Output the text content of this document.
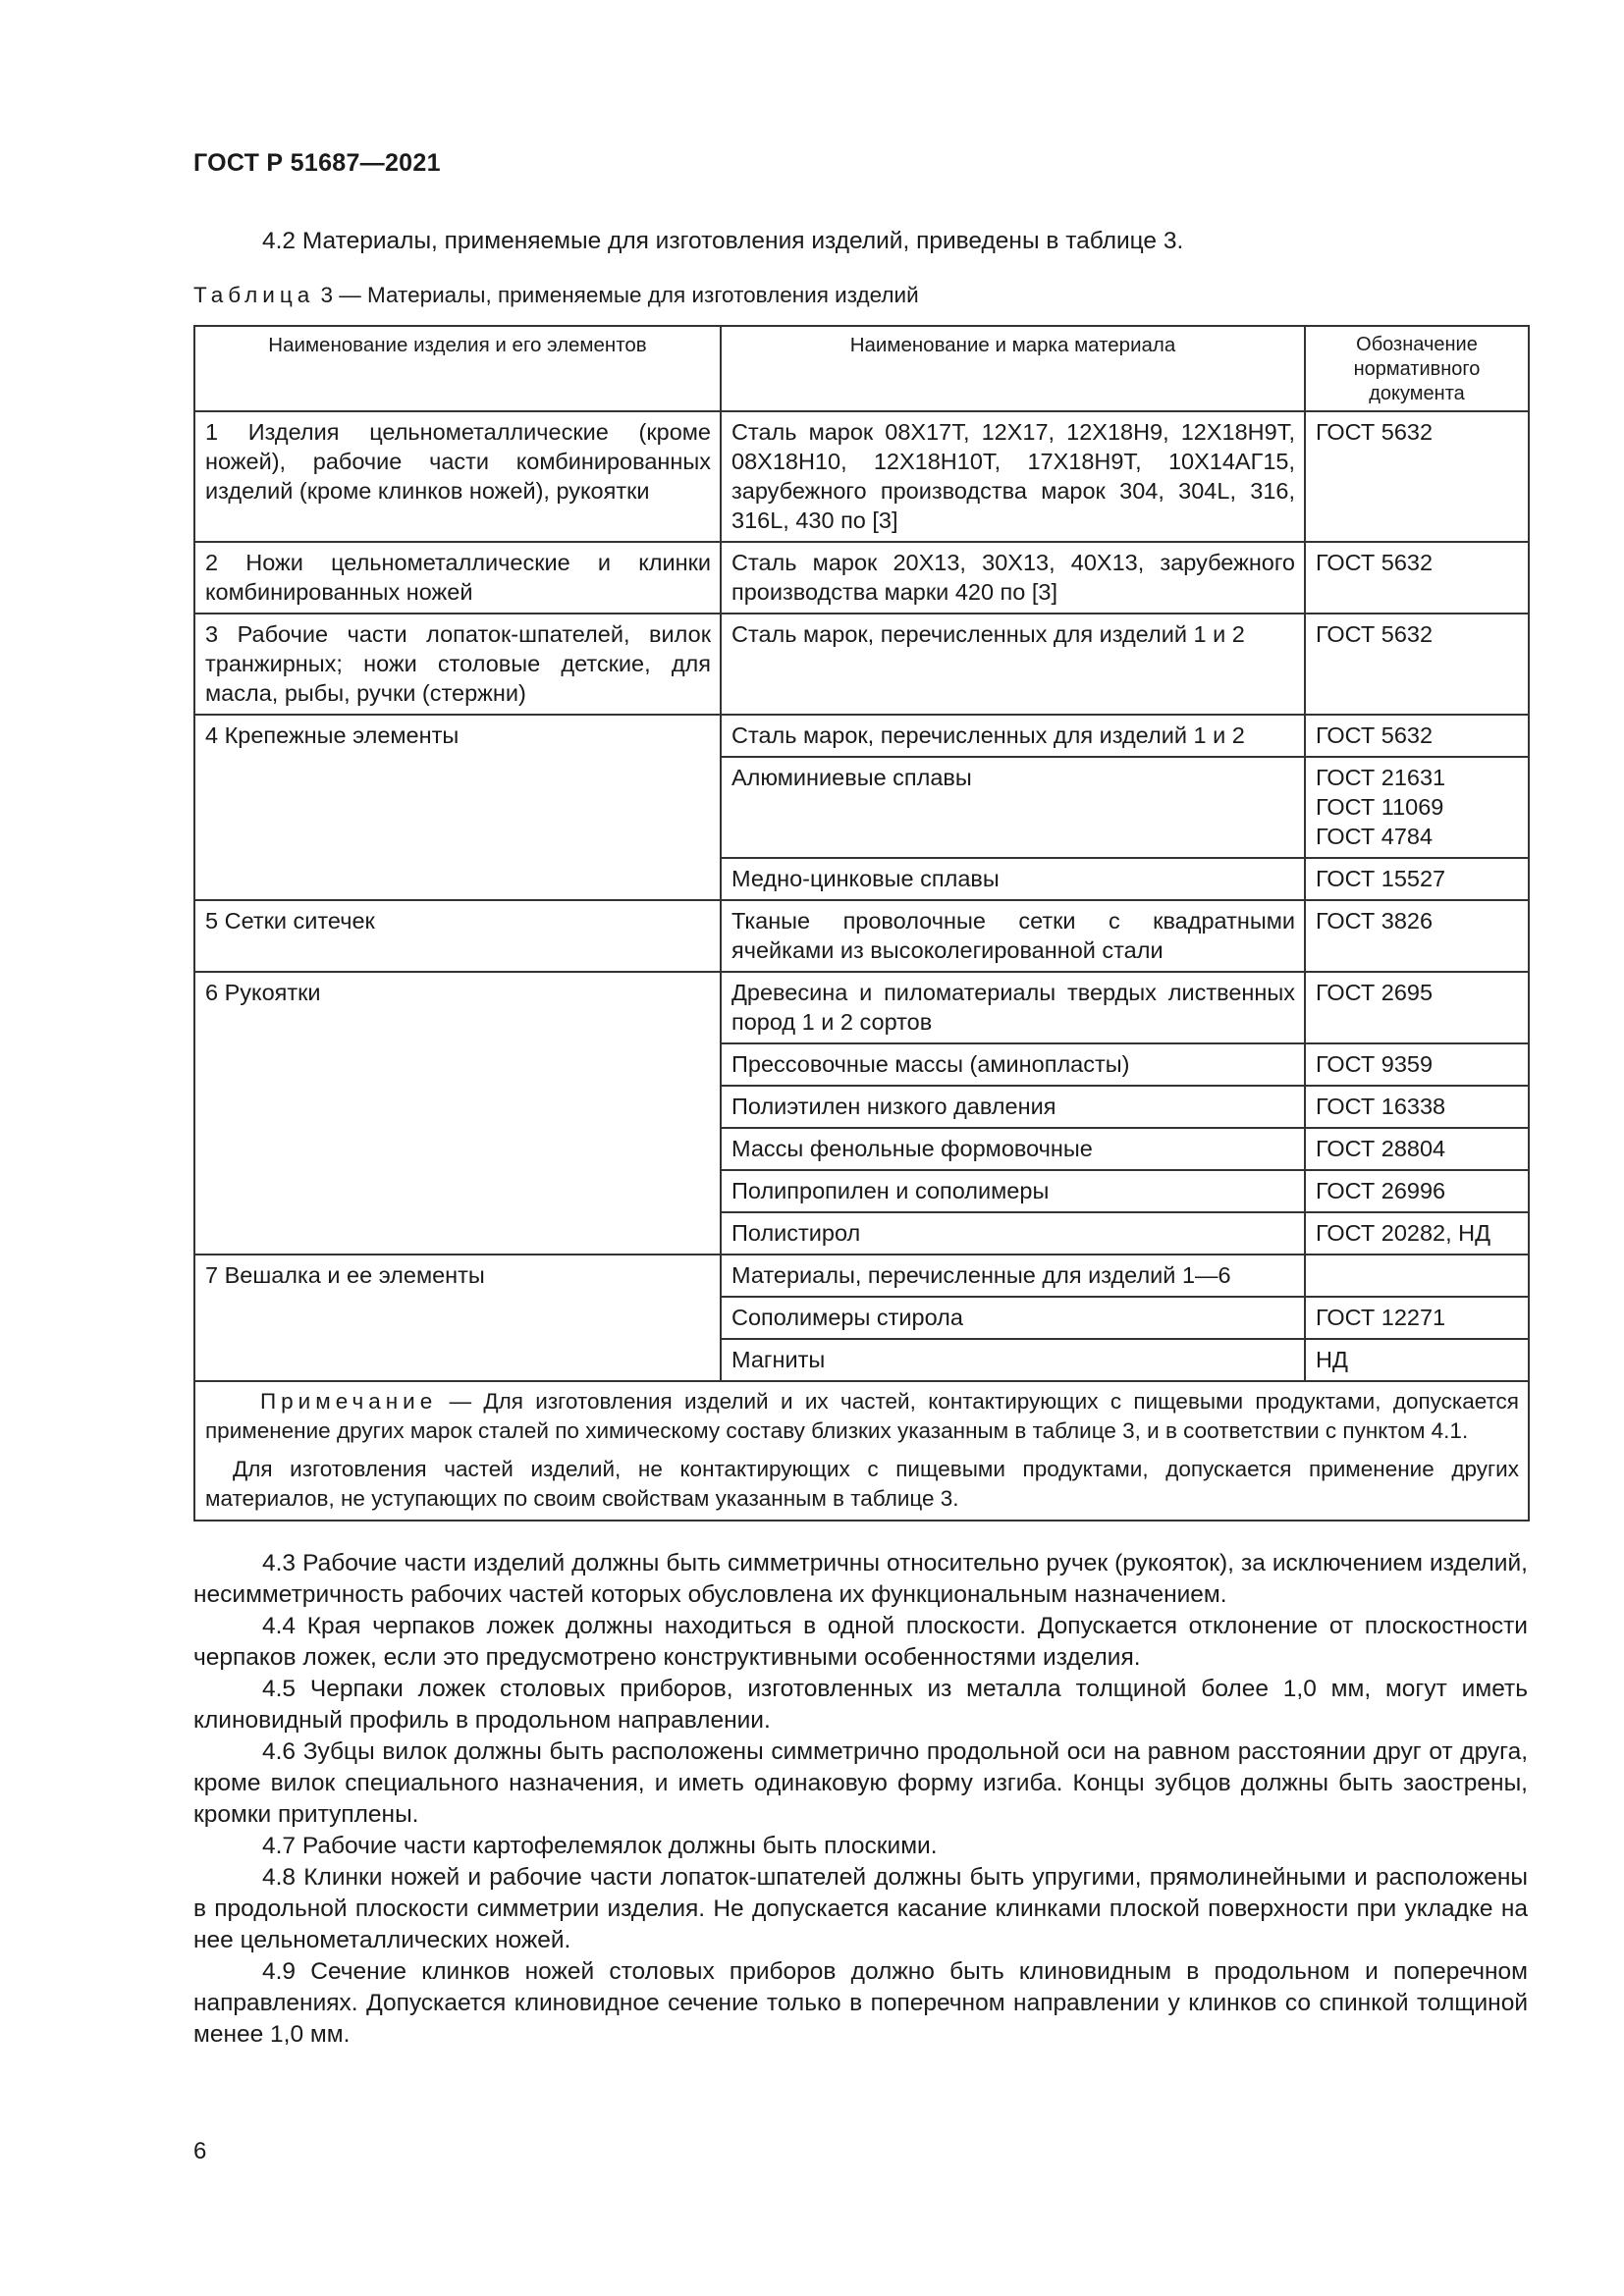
ГОСТ Р 51687—2021
4.2 Материалы, применяемые для изготовления изделий, приведены в таблице 3.
Таблица 3 — Материалы, применяемые для изготовления изделий
Наименование изделия и его элементов	Наименование и марка материала	Обозначение нормативного документа
1 Изделия цельнометаллические (кроме ножей), рабочие части комбинированных изделий (кроме клинков ножей), рукоятки	Сталь марок 08Х17Т, 12Х17, 12Х18Н9, 12Х18Н9Т, 08Х18Н10, 12Х18Н10Т, 17Х18Н9Т, 10Х14АГ15, зарубежного производства марок 304, 304L, 316, 316L, 430 по [3]	ГОСТ 5632
2 Ножи цельнометаллические и клинки комбинированных ножей	Сталь марок 20Х13, 30Х13, 40Х13, зарубежного производства марки 420 по [3]	ГОСТ 5632
3 Рабочие части лопаток-шпателей, вилок транжирных; ножи столовые детские, для масла, рыбы, ручки (стержни)	Сталь марок, перечисленных для изделий 1 и 2	ГОСТ 5632
4 Крепежные элементы	Сталь марок, перечисленных для изделий 1 и 2	ГОСТ 5632
	Алюминиевые сплавы	ГОСТ 21631
ГОСТ 11069
ГОСТ 4784
	Медно-цинковые сплавы	ГОСТ 15527
5 Сетки ситечек	Тканые проволочные сетки с квадратными ячейками из высоколегированной стали	ГОСТ 3826
6 Рукоятки	Древесина и пиломатериалы твердых лиственных пород 1 и 2 сортов	ГОСТ 2695
	Прессовочные массы (аминопласты)	ГОСТ 9359
	Полиэтилен низкого давления	ГОСТ 16338
	Массы фенольные формовочные	ГОСТ 28804
	Полипропилен и сополимеры	ГОСТ 26996
	Полистирол	ГОСТ 20282, НД
7 Вешалка и ее элементы	Материалы, перечисленные для изделий 1—6	
	Сополимеры стирола	ГОСТ 12271
	Магниты	НД

Примечание — Для изготовления изделий и их частей, контактирующих с пищевыми продуктами, допускается применение других марок сталей по химическому составу близких указанным в таблице 3, и в соответствии с пунктом 4.1.
Для изготовления частей изделий, не контактирующих с пищевыми продуктами, допускается применение других материалов, не уступающих по своим свойствам указанным в таблице 3.		
4.3 Рабочие части изделий должны быть симметричны относительно ручек (рукояток), за исключением изделий, несимметричность рабочих частей которых обусловлена их функциональным назначением.
4.4 Края черпаков ложек должны находиться в одной плоскости. Допускается отклонение от плоскостности черпаков ложек, если это предусмотрено конструктивными особенностями изделия.
4.5 Черпаки ложек столовых приборов, изготовленных из металла толщиной более 1,0 мм, могут иметь клиновидный профиль в продольном направлении.
4.6 Зубцы вилок должны быть расположены симметрично продольной оси на равном расстоянии друг от друга, кроме вилок специального назначения, и иметь одинаковую форму изгиба. Концы зубцов должны быть заострены, кромки притуплены.
4.7 Рабочие части картофелемялок должны быть плоскими.
4.8 Клинки ножей и рабочие части лопаток-шпателей должны быть упругими, прямолинейными и расположены в продольной плоскости симметрии изделия. Не допускается касание клинками плоской поверхности при укладке на нее цельнометаллических ножей.
4.9 Сечение клинков ножей столовых приборов должно быть клиновидным в продольном и поперечном направлениях. Допускается клиновидное сечение только в поперечном направлении у клинков со спинкой толщиной менее 1,0 мм.
6
